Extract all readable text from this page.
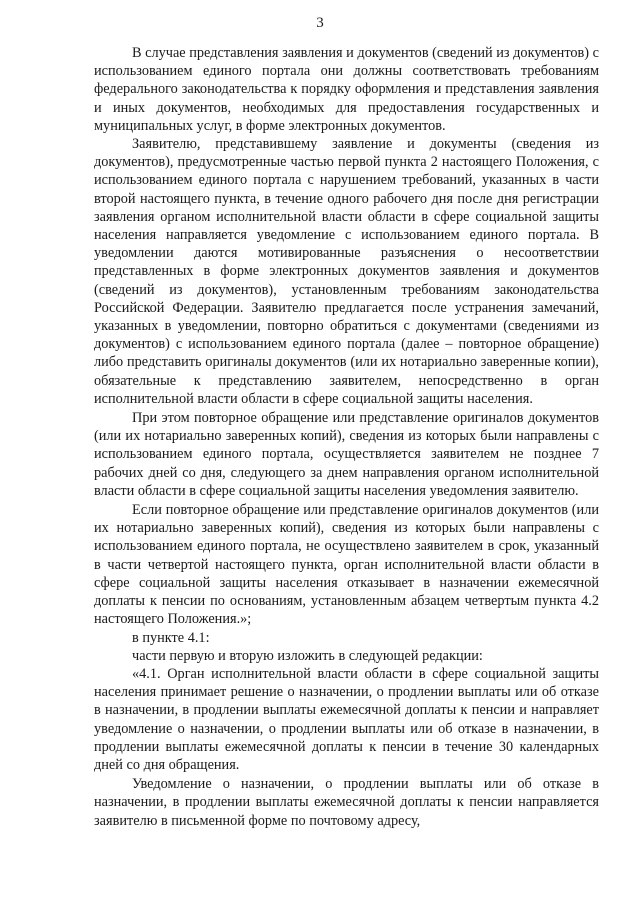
3

В случае представления заявления и документов (сведений из документов) с использованием единого портала они должны соответствовать требованиям федерального законодательства к порядку оформления и представления заявления и иных документов, необходимых для предоставления государственных и муниципальных услуг, в форме электронных документов.

Заявителю, представившему заявление и документы (сведения из документов), предусмотренные частью первой пункта 2 настоящего Положения, с использованием единого портала с нарушением требований, указанных в части второй настоящего пункта, в течение одного рабочего дня после дня регистрации заявления органом исполнительной власти области в сфере социальной защиты населения направляется уведомление с использованием единого портала. В уведомлении даются мотивированные разъяснения о несоответствии представленных в форме электронных документов заявления и документов (сведений из документов), установленным требованиям законодательства Российской Федерации. Заявителю предлагается после устранения замечаний, указанных в уведомлении, повторно обратиться с документами (сведениями из документов) с использованием единого портала (далее – повторное обращение) либо представить оригиналы документов (или их нотариально заверенные копии), обязательные к представлению заявителем, непосредственно в орган исполнительной власти области в сфере социальной защиты населения.

При этом повторное обращение или представление оригиналов документов (или их нотариально заверенных копий), сведения из которых были направлены с использованием единого портала, осуществляется заявителем не позднее 7 рабочих дней со дня, следующего за днем направления органом исполнительной власти области в сфере социальной защиты населения уведомления заявителю.

Если повторное обращение или представление оригиналов документов (или их нотариально заверенных копий), сведения из которых были направлены с использованием единого портала, не осуществлено заявителем в срок, указанный в части четвертой настоящего пункта, орган исполнительной власти области в сфере социальной защиты населения отказывает в назначении ежемесячной доплаты к пенсии по основаниям, установленным абзацем четвертым пункта 4.2 настоящего Положения.»;

в пункте 4.1:

части первую и вторую изложить в следующей редакции:

«4.1. Орган исполнительной власти области в сфере социальной защиты населения принимает решение о назначении, о продлении выплаты или об отказе в назначении, в продлении выплаты ежемесячной доплаты к пенсии и направляет уведомление о назначении, о продлении выплаты или об отказе в назначении, в продлении выплаты ежемесячной доплаты к пенсии в течение 30 календарных дней со дня обращения.

Уведомление о назначении, о продлении выплаты или об отказе в назначении, в продлении выплаты ежемесячной доплаты к пенсии направляется заявителю в письменной форме по почтовому адресу,
